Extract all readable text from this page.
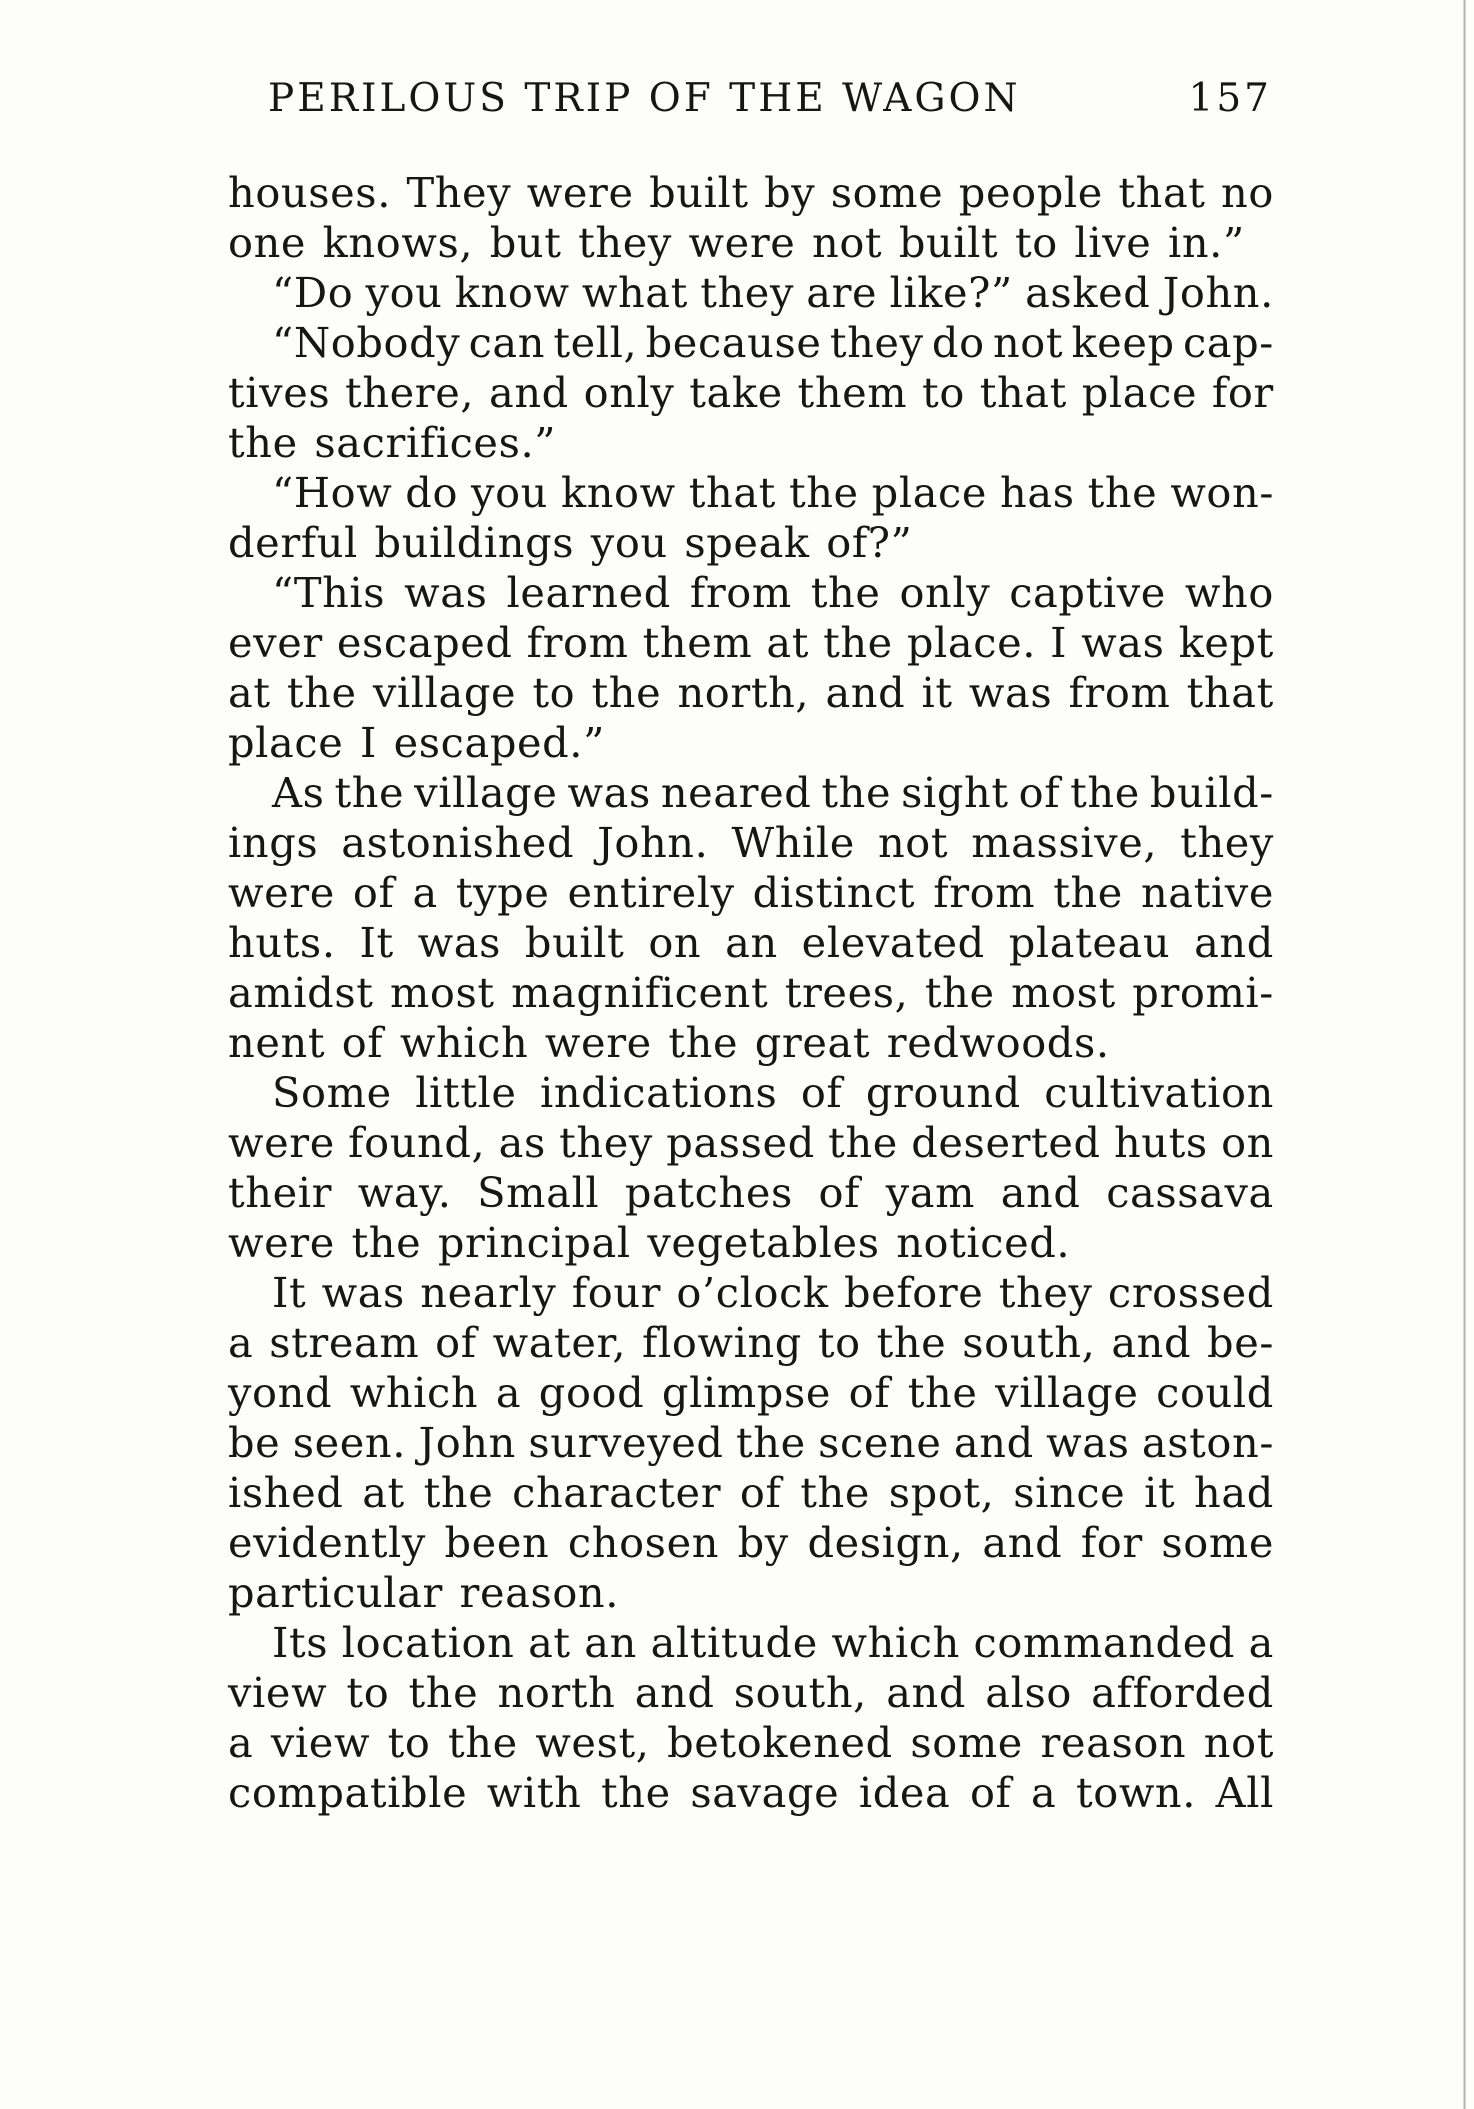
PERILOUS TRIP OF THE WAGON	157
houses. They were built by some people that no
one knows, but they were not built to live in.”
“Do you know what they are like?” asked John.
“Nobody can tell, because they do not keep cap-
tives there, and only take them to that place for
the sacrifices.”
“How do you know that the place has the won-
derful buildings you speak of?”
“This was learned from the only captive who
ever escaped from them at the place. I was kept
at the village to the north, and it was from that
place I escaped.”
As the village was neared the sight of the build-
ings astonished John. While not massive, they
were of a type entirely distinct from the native
huts. It was built on an elevated plateau and
amidst most magnificent trees, the most promi-
nent of which were the great redwoods.
Some little indications of ground cultivation
were found, as they passed the deserted huts on
their way. Small patches of yam and cassava
were the principal vegetables noticed.
It was nearly four o’clock before they crossed
a stream of water, flowing to the south, and be-
yond which a good glimpse of the village could
be seen. John surveyed the scene and was aston-
ished at the character of the spot, since it had
evidently been chosen by design, and for some
particular reason.
Its location at an altitude which commanded a
view to the north and south, and also afforded
a view to the west, betokened some reason not
compatible with the savage idea of a town. All
